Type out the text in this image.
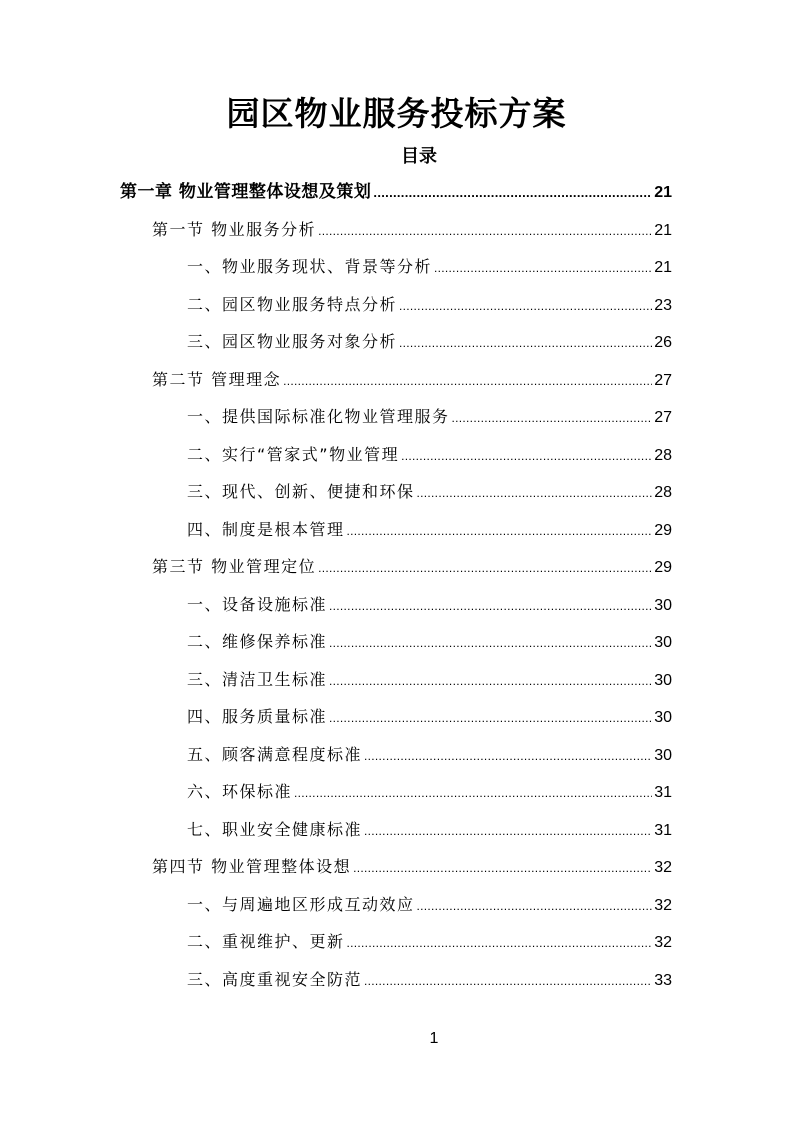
园区物业服务投标方案
目录
第一章 物业管理整体设想及策划 .....	21
第一节 物业服务分析 .....	21
一、物业服务现状、背景等分析 .....	21
二、园区物业服务特点分析 .....	23
三、园区物业服务对象分析 .....	26
第二节 管理理念 .....	27
一、提供国际标准化物业管理服务 .....	27
二、实行“管家式”物业管理 .....	28
三、现代、创新、便捷和环保 .....	28
四、制度是根本管理 .....	29
第三节 物业管理定位 .....	29
一、设备设施标准 .....	30
二、维修保养标准 .....	30
三、清洁卫生标准 .....	30
四、服务质量标准 .....	30
五、顾客满意程度标准 .....	30
六、环保标准 .....	31
七、职业安全健康标准 .....	31
第四节 物业管理整体设想 .....	32
一、与周遍地区形成互动效应 .....	32
二、重视维护、更新 .....	32
三、高度重视安全防范 .....	33
1
